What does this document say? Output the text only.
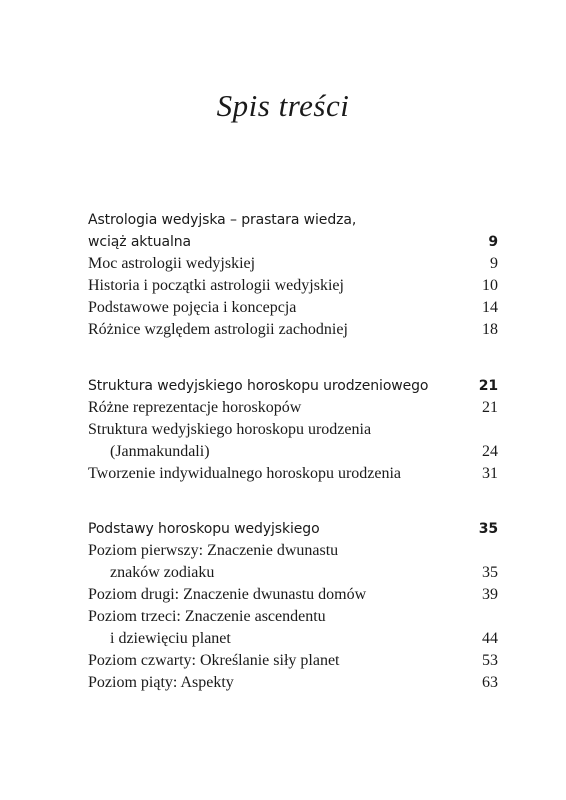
Spis treści
Astrologia wedyjska – prastara wiedza,
wciąż aktualna	9
Moc astrologii wedyjskiej	9
Historia i początki astrologii wedyjskiej	10
Podstawowe pojęcia i koncepcja	14
Różnice względem astrologii zachodniej	18
Struktura wedyjskiego horoskopu urodzeniowego	21
Różne reprezentacje horoskopów	21
Struktura wedyjskiego horoskopu urodzenia
(Janmakundali)	24
Tworzenie indywidualnego horoskopu urodzenia	31
Podstawy horoskopu wedyjskiego	35
Poziom pierwszy: Znaczenie dwunastu
znaków zodiaku	35
Poziom drugi: Znaczenie dwunastu domów	39
Poziom trzeci: Znaczenie ascendentu
i dziewięciu planet	44
Poziom czwarty: Określanie siły planet	53
Poziom piąty: Aspekty	63
